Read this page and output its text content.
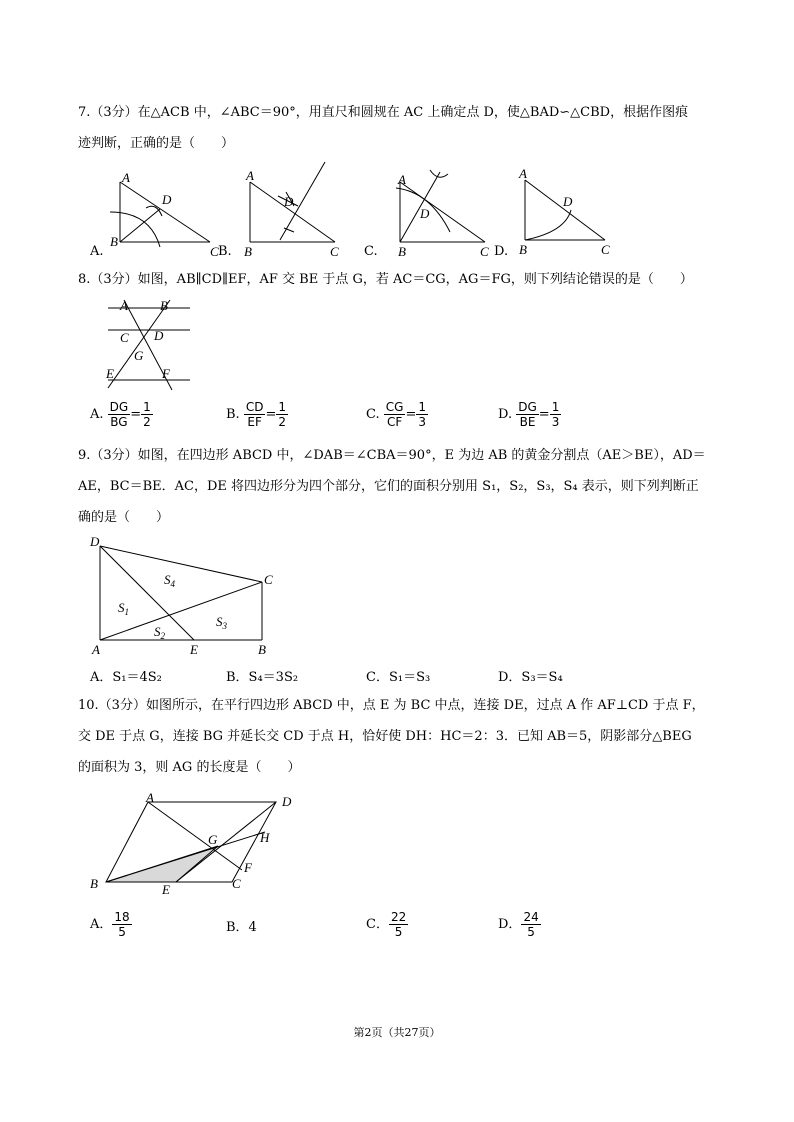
7.（3分）在△ACB 中，∠ABC＝90°，用直尺和圆规在 AC 上确定点 D，使△BAD∽△CBD，根据作图痕
迹判断，正确的是（　　）
A
B
C
D
A.	B.	C.	D.
A
B	C
D
A
B	C
D
A
B	C
D
8.（3分）如图，AB∥CD∥EF，AF 交 BE 于点 G，若 AC＝CG，AG＝FG，则下列结论错误的是（　　）
A B
C D
G
E	F
A. $\frac{DG}{BG} = \frac{1}{2}$	B. $\frac{CD}{EF} = \frac{1}{2}$	C. $\frac{CG}{CF} = \frac{1}{3}$	D. $\frac{DG}{BE} = \frac{1}{3}$
9.（3分）如图，在四边形 ABCD 中，∠DAB＝∠CBA＝90°，E 为边 AB 的黄金分割点（AE＞BE），AD＝
AE，BC＝BE．AC，DE 将四边形分为四个部分，它们的面积分别用 S₁，S₂，S₃，S₄ 表示，则下列判断正
确的是（　　）
D
C
A	E	B
$S_4$
$S_1$
$S_2$
$S_3$
A．S₁＝4S₂	B．S₄＝3S₂	C．S₁＝S₃	D．S₃＝S₄
10.（3分）如图所示，在平行四边形 ABCD 中，点 E 为 BC 中点，连接 DE，过点 A 作 AF⊥CD 于点 F，
交 DE 于点 G，连接 BG 并延长交 CD 于点 H，恰好使 DH：HC＝2：3．已知 AB＝5，阴影部分△BEG
的面积为 3，则 AG 的长度是（　　）
A	D
B	E	C
G	H
F
A． $\frac{18}{5}$	B．4	C． $\frac{22}{5}$	D． $\frac{24}{5}$
第2页（共27页）
